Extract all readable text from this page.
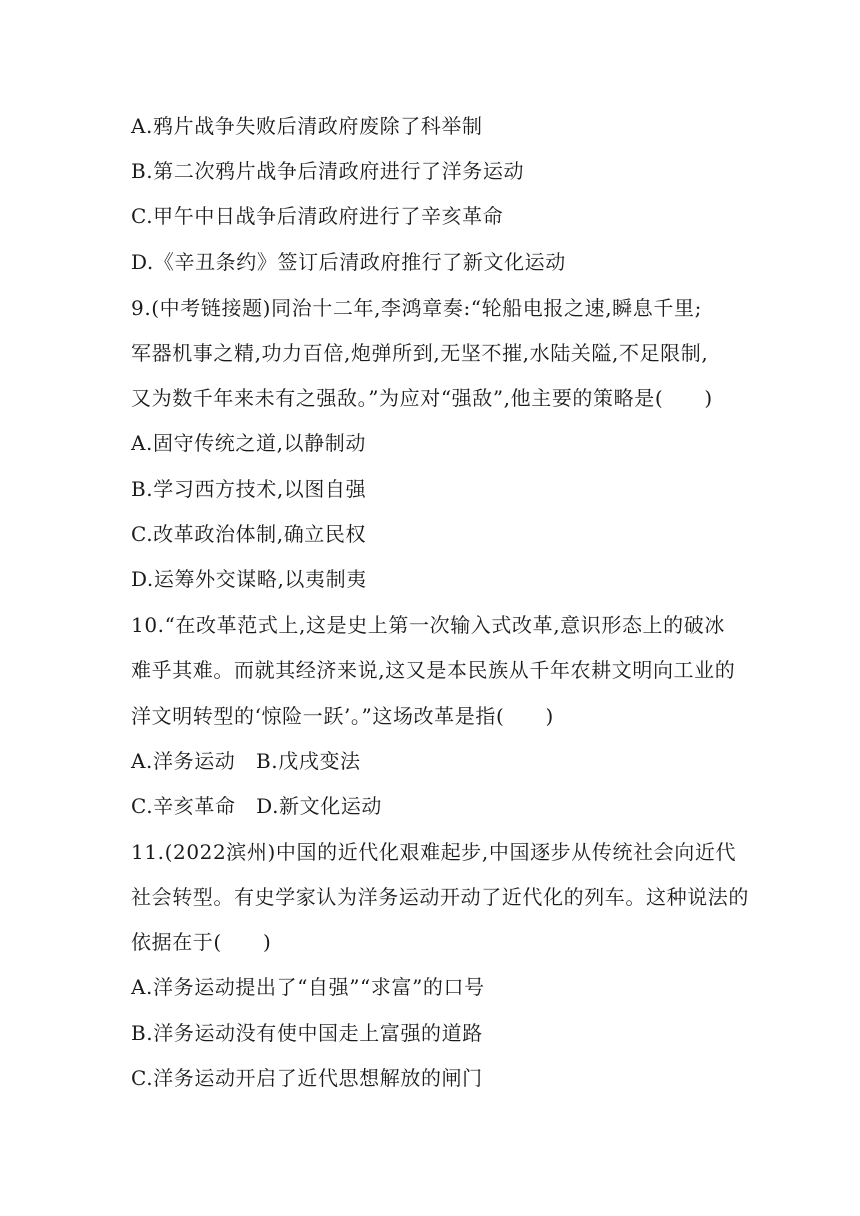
A.鸦片战争失败后清政府废除了科举制
B.第二次鸦片战争后清政府进行了洋务运动
C.甲午中日战争后清政府进行了辛亥革命
D.《辛丑条约》签订后清政府推行了新文化运动
9.(中考链接题)同治十二年,李鸿章奏:“轮船电报之速,瞬息千里;
军器机事之精,功力百倍,炮弹所到,无坚不摧,水陆关隘,不足限制,
又为数千年来未有之强敌。”为应对“强敌”,他主要的策略是(　　)
A.固守传统之道,以静制动
B.学习西方技术,以图自强
C.改革政治体制,确立民权
D.运筹外交谋略,以夷制夷
10.“在改革范式上,这是史上第一次输入式改革,意识形态上的破冰
难乎其难。而就其经济来说,这又是本民族从千年农耕文明向工业的
洋文明转型的‘惊险一跃’。”这场改革是指(　　)
A.洋务运动　B.戊戌变法
C.辛亥革命　D.新文化运动
11.(2022滨州)中国的近代化艰难起步,中国逐步从传统社会向近代
社会转型。有史学家认为洋务运动开动了近代化的列车。这种说法的
依据在于(　　)
A.洋务运动提出了“自强”“求富”的口号
B.洋务运动没有使中国走上富强的道路
C.洋务运动开启了近代思想解放的闸门
